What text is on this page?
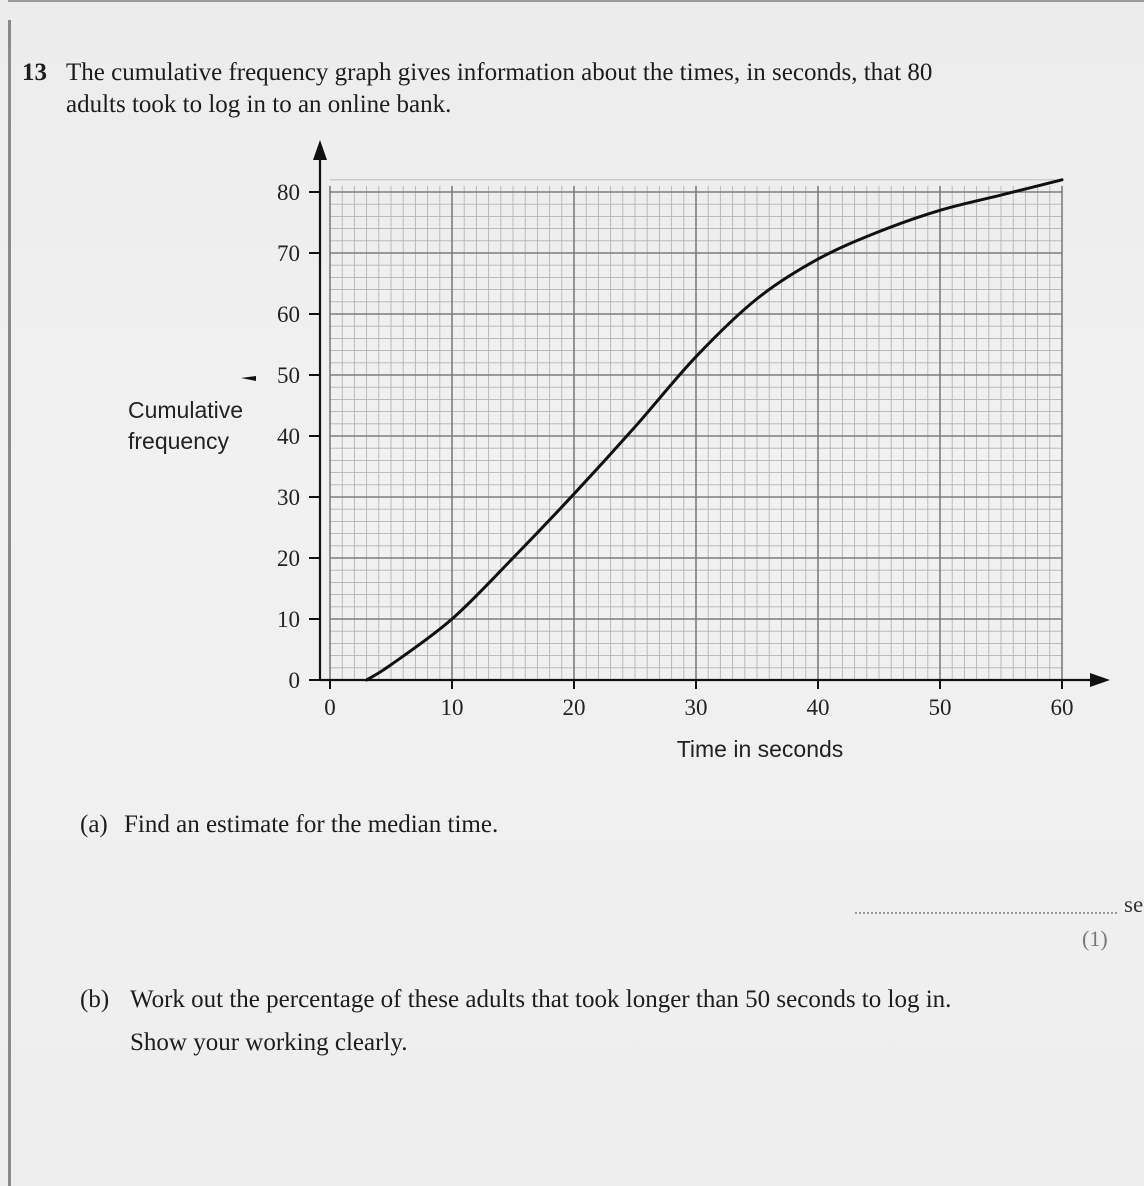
13 The cumulative frequency graph gives information about the times, in seconds, that 80
adults took to log in to an online bank.
0
10
20
30
40
50
60
70
80
0	10	20	30	40	50	60
Time in seconds
Cumulative
frequency
(a) Find an estimate for the median time.
se
(1)
(b) Work out the percentage of these adults that took longer than 50 seconds to log in.
Show your working clearly.
